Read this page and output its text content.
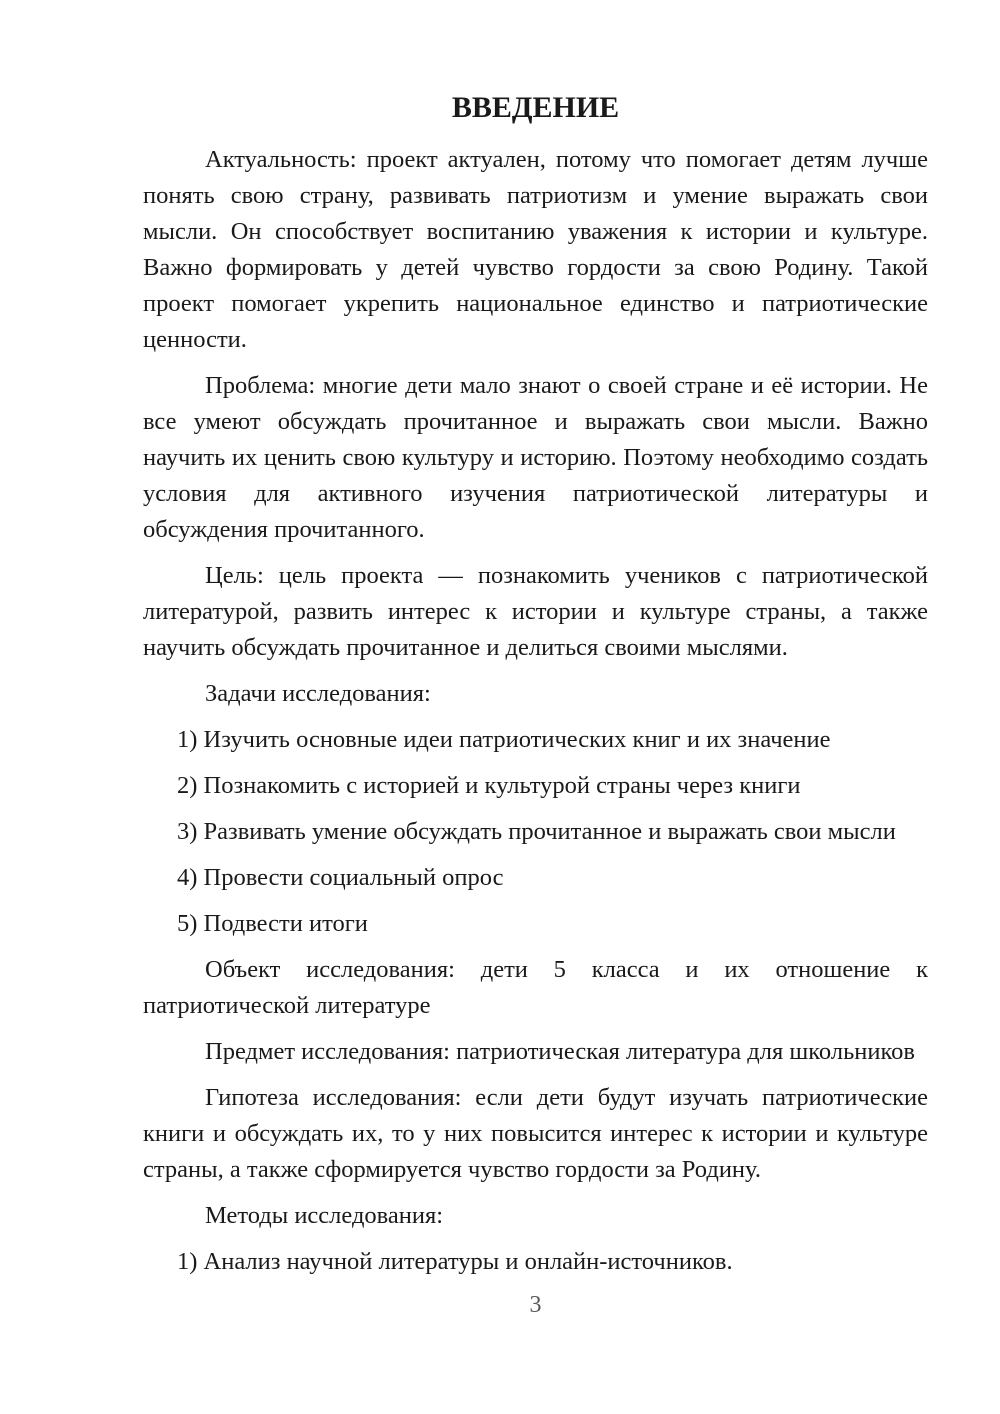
ВВЕДЕНИЕ

Актуальность: проект актуален, потому что помогает детям лучше понять свою страну, развивать патриотизм и умение выражать свои мысли. Он способствует воспитанию уважения к истории и культуре. Важно формировать у детей чувство гордости за свою Родину. Такой проект помогает укрепить национальное единство и патриотические ценности.

Проблема: многие дети мало знают о своей стране и её истории. Не все умеют обсуждать прочитанное и выражать свои мысли. Важно научить их ценить свою культуру и историю. Поэтому необходимо создать условия для активного изучения патриотической литературы и обсуждения прочитанного.

Цель: цель проекта — познакомить учеников с патриотической литературой, развить интерес к истории и культуре страны, а также научить обсуждать прочитанное и делиться своими мыслями.

Задачи исследования:

1) Изучить основные идеи патриотических книг и их значение

2) Познакомить с историей и культурой страны через книги

3) Развивать умение обсуждать прочитанное и выражать свои мысли

4) Провести социальный опрос

5) Подвести итоги

Объект исследования: дети 5 класса и их отношение к патриотической литературе

Предмет исследования: патриотическая литература для школьников

Гипотеза исследования: если дети будут изучать патриотические книги и обсуждать их, то у них повысится интерес к истории и культуре страны, а также сформируется чувство гордости за Родину.

Методы исследования:

1) Анализ научной литературы и онлайн-источников.

3
